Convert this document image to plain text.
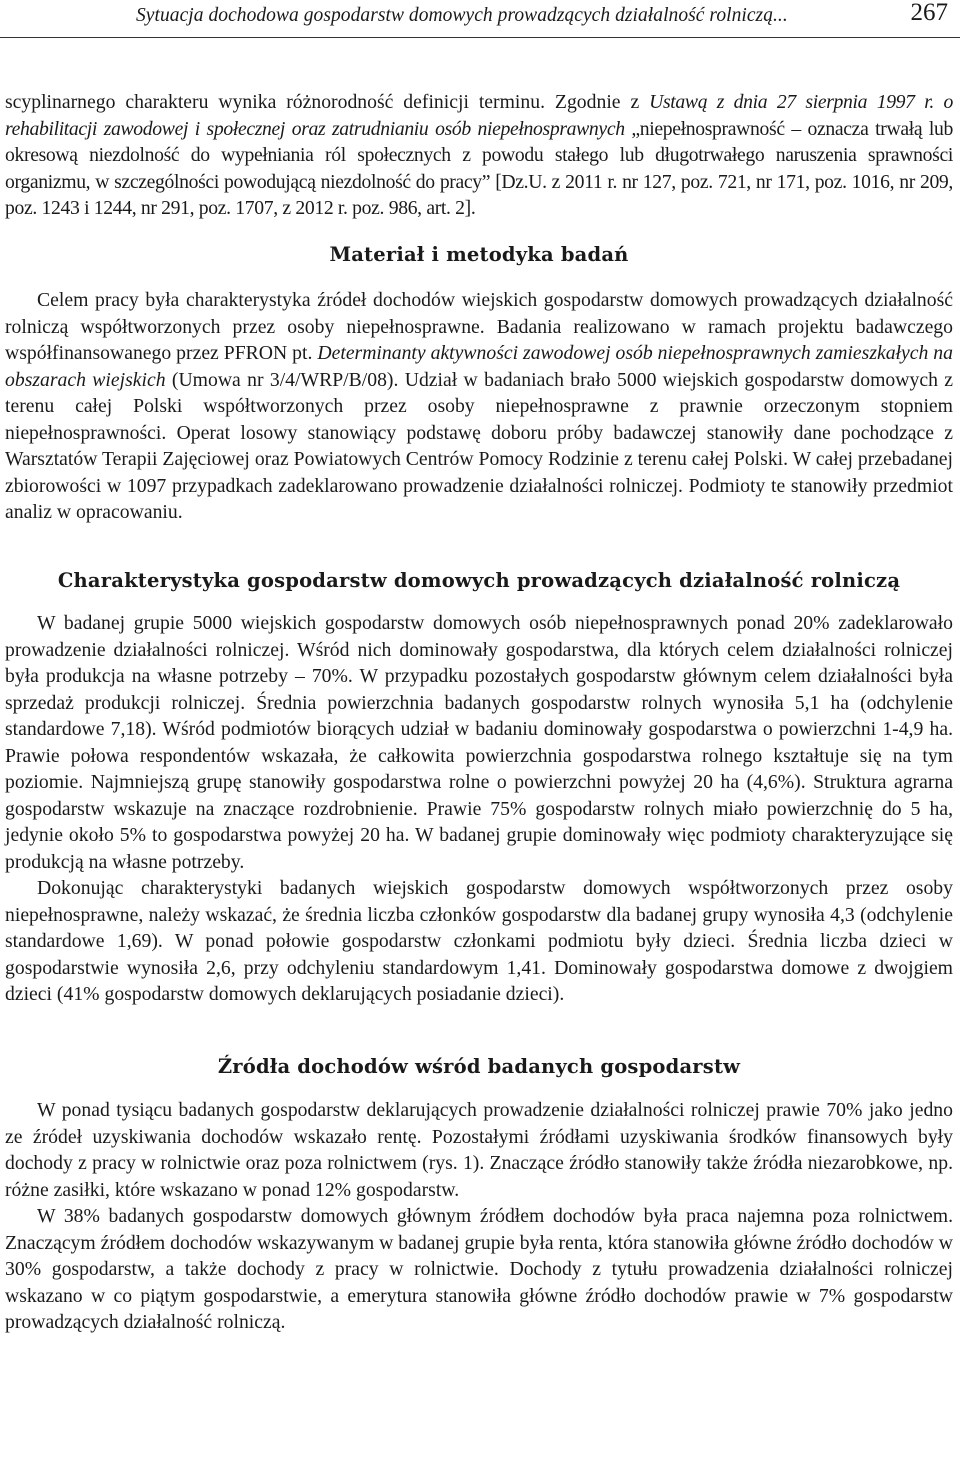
Sytuacja dochodowa gospodarstw domowych prowadzących działalność rolniczą...	267

scyplinarnego charakteru wynika różnorodność definicji terminu. Zgodnie z Ustawą z dnia 27 sierpnia 1997 r. o rehabilitacji zawodowej i społecznej oraz zatrudnianiu osób niepełnosprawnych „niepełnosprawność – oznacza trwałą lub okresową niezdolność do wypełniania ról społecznych z powodu stałego lub długotrwałego naruszenia sprawności organizmu, w szczególności powodującą niezdolność do pracy” [Dz.U. z 2011 r. nr 127, poz. 721, nr 171, poz. 1016, nr 209, poz. 1243 i 1244, nr 291, poz. 1707, z 2012 r. poz. 986, art. 2].

Materiał i metodyka badań

Celem pracy była charakterystyka źródeł dochodów wiejskich gospodarstw domowych prowadzących działalność rolniczą współtworzonych przez osoby niepełnosprawne. Badania realizowano w ramach projektu badawczego współfinansowanego przez PFRON pt. Determinanty aktywności zawodowej osób niepełnosprawnych zamieszkałych na obszarach wiejskich (Umowa nr 3/4/WRP/B/08). Udział w badaniach brało 5000 wiejskich gospodarstw domowych z terenu całej Polski współtworzonych przez osoby niepełnosprawne z prawnie orzeczonym stopniem niepełnosprawności. Operat losowy stanowiący podstawę doboru próby badawczej stanowiły dane pochodzące z Warsztatów Terapii Zajęciowej oraz Powiatowych Centrów Pomocy Rodzinie z terenu całej Polski. W całej przebadanej zbiorowości w 1097 przypadkach zadeklarowano prowadzenie działalności rolniczej. Podmioty te stanowiły przedmiot analiz w opracowaniu.

Charakterystyka gospodarstw domowych prowadzących działalność rolniczą

W badanej grupie 5000 wiejskich gospodarstw domowych osób niepełnosprawnych ponad 20% zadeklarowało prowadzenie działalności rolniczej. Wśród nich dominowały gospodarstwa, dla których celem działalności rolniczej była produkcja na własne potrzeby – 70%. W przypadku pozostałych gospodarstw głównym celem działalności była sprzedaż produkcji rolniczej. Średnia powierzchnia badanych gospodarstw rolnych wynosiła 5,1 ha (odchylenie standardowe 7,18). Wśród podmiotów biorących udział w badaniu dominowały gospodarstwa o powierzchni 1-4,9 ha. Prawie połowa respondentów wskazała, że całkowita powierzchnia gospodarstwa rolnego kształtuje się na tym poziomie. Najmniejszą grupę stanowiły gospodarstwa rolne o powierzchni powyżej 20 ha (4,6%). Struktura agrarna gospodarstw wskazuje na znaczące rozdrobnienie. Prawie 75% gospodarstw rolnych miało powierzchnię do 5 ha, jedynie około 5% to gospodarstwa powyżej 20 ha. W badanej grupie dominowały więc podmioty charakteryzujące się produkcją na własne potrzeby.

Dokonując charakterystyki badanych wiejskich gospodarstw domowych współtworzonych przez osoby niepełnosprawne, należy wskazać, że średnia liczba członków gospodarstw dla badanej grupy wynosiła 4,3 (odchylenie standardowe 1,69). W ponad połowie gospodarstw członkami podmiotu były dzieci. Średnia liczba dzieci w gospodarstwie wynosiła 2,6, przy odchyleniu standardowym 1,41. Dominowały gospodarstwa domowe z dwojgiem dzieci (41% gospodarstw domowych deklarujących posiadanie dzieci).

Źródła dochodów wśród badanych gospodarstw

W ponad tysiącu badanych gospodarstw deklarujących prowadzenie działalności rolniczej prawie 70% jako jedno ze źródeł uzyskiwania dochodów wskazało rentę. Pozostałymi źródłami uzyskiwania środków finansowych były dochody z pracy w rolnictwie oraz poza rolnictwem (rys. 1). Znaczące źródło stanowiły także źródła niezarobkowe, np. różne zasiłki, które wskazano w ponad 12% gospodarstw.

W 38% badanych gospodarstw domowych głównym źródłem dochodów była praca najemna poza rolnictwem. Znaczącym źródłem dochodów wskazywanym w badanej grupie była renta, która stanowiła główne źródło dochodów w 30% gospodarstw, a także dochody z pracy w rolnictwie. Dochody z tytułu prowadzenia działalności rolniczej wskazano w co piątym gospodarstwie, a emerytura stanowiła główne źródło dochodów prawie w 7% gospodarstw prowadzących działalność rolniczą.
